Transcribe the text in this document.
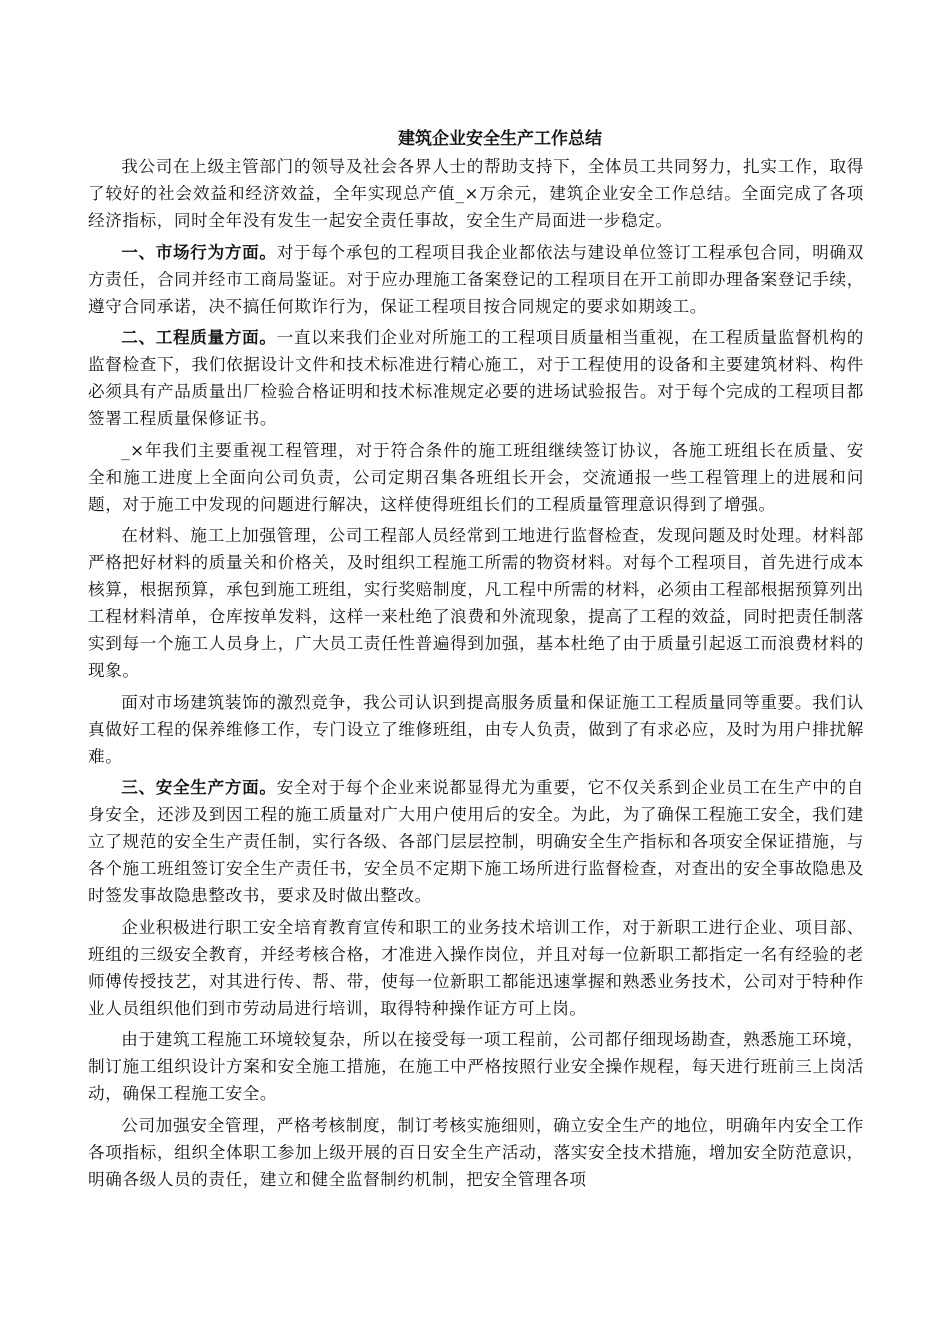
建筑企业安全生产工作总结

我公司在上级主管部门的领导及社会各界人士的帮助支持下，全体员工共同努力，扎实工作，取得了较好的社会效益和经济效益，全年实现总产值_×万余元，建筑企业安全工作总结。全面完成了各项经济指标，同时全年没有发生一起安全责任事故，安全生产局面进一步稳定。

一、市场行为方面。对于每个承包的工程项目我企业都依法与建设单位签订工程承包合同，明确双方责任，合同并经市工商局鉴证。对于应办理施工备案登记的工程项目在开工前即办理备案登记手续，遵守合同承诺，决不搞任何欺诈行为，保证工程项目按合同规定的要求如期竣工。

二、工程质量方面。一直以来我们企业对所施工的工程项目质量相当重视，在工程质量监督机构的监督检查下，我们依据设计文件和技术标准进行精心施工，对于工程使用的设备和主要建筑材料、构件必须具有产品质量出厂检验合格证明和技术标准规定必要的进场试验报告。对于每个完成的工程项目都签署工程质量保修证书。

_×年我们主要重视工程管理，对于符合条件的施工班组继续签订协议，各施工班组长在质量、安全和施工进度上全面向公司负责，公司定期召集各班组长开会，交流通报一些工程管理上的进展和问题，对于施工中发现的问题进行解决，这样使得班组长们的工程质量管理意识得到了增强。

在材料、施工上加强管理，公司工程部人员经常到工地进行监督检查，发现问题及时处理。材料部严格把好材料的质量关和价格关，及时组织工程施工所需的物资材料。对每个工程项目，首先进行成本核算，根据预算，承包到施工班组，实行奖赔制度，凡工程中所需的材料，必须由工程部根据预算列出工程材料清单，仓库按单发料，这样一来杜绝了浪费和外流现象，提高了工程的效益，同时把责任制落实到每一个施工人员身上，广大员工责任性普遍得到加强，基本杜绝了由于质量引起返工而浪费材料的现象。

面对市场建筑装饰的激烈竞争，我公司认识到提高服务质量和保证施工工程质量同等重要。我们认真做好工程的保养维修工作，专门设立了维修班组，由专人负责，做到了有求必应，及时为用户排扰解难。

三、安全生产方面。安全对于每个企业来说都显得尤为重要，它不仅关系到企业员工在生产中的自身安全，还涉及到因工程的施工质量对广大用户使用后的安全。为此，为了确保工程施工安全，我们建立了规范的安全生产责任制，实行各级、各部门层层控制，明确安全生产指标和各项安全保证措施，与各个施工班组签订安全生产责任书，安全员不定期下施工场所进行监督检查，对查出的安全事故隐患及时签发事故隐患整改书，要求及时做出整改。

企业积极进行职工安全培育教育宣传和职工的业务技术培训工作，对于新职工进行企业、项目部、班组的三级安全教育，并经考核合格，才准进入操作岗位，并且对每一位新职工都指定一名有经验的老师傅传授技艺，对其进行传、帮、带，使每一位新职工都能迅速掌握和熟悉业务技术，公司对于特种作业人员组织他们到市劳动局进行培训，取得特种操作证方可上岗。

由于建筑工程施工环境较复杂，所以在接受每一项工程前，公司都仔细现场勘查，熟悉施工环境，制订施工组织设计方案和安全施工措施，在施工中严格按照行业安全操作规程，每天进行班前三上岗活动，确保工程施工安全。

公司加强安全管理，严格考核制度，制订考核实施细则，确立安全生产的地位，明确年内安全工作各项指标，组织全体职工参加上级开展的百日安全生产活动，落实安全技术措施，增加安全防范意识，明确各级人员的责任，建立和健全监督制约机制，把安全管理各项
